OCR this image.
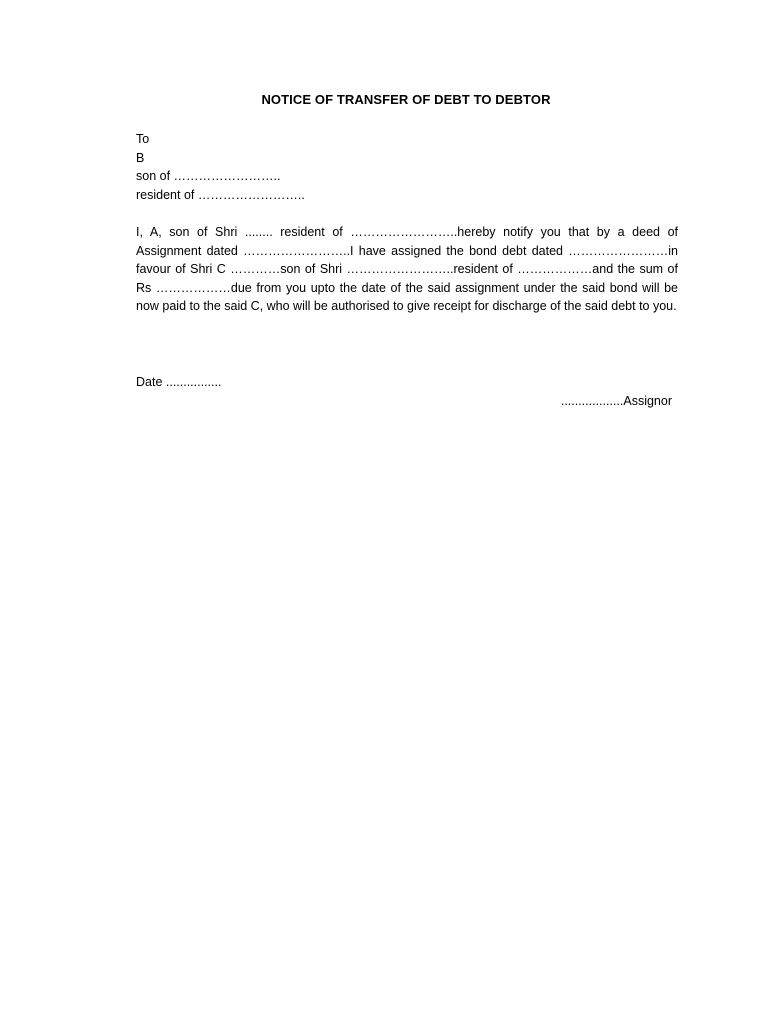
NOTICE OF TRANSFER OF DEBT TO DEBTOR
To
B
son of ……………………..
resident of ……………………..
I, A, son of Shri ........ resident of ……………………..hereby notify you that by a deed of Assignment dated ……………………..I have assigned the bond debt dated ……………………in favour of Shri C …………son of Shri ……………………..resident of ………………and the sum of Rs ………………due from you upto the date of the said assignment under the said bond will be now paid to the said C, who will be authorised to give receipt for discharge of the said debt to you.
Date ................
..................Assignor
